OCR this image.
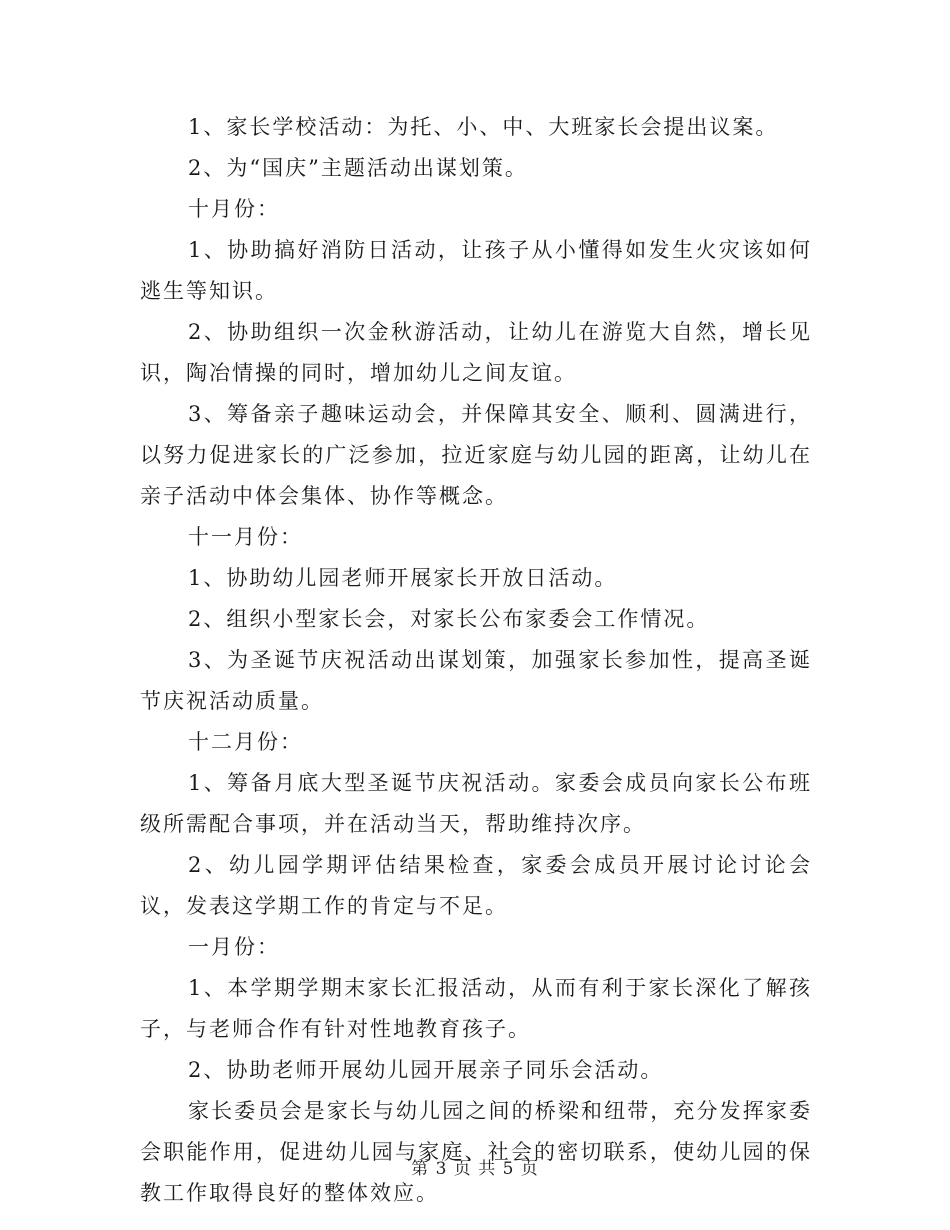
1、家长学校活动：为托、小、中、大班家长会提出议案。

2、为“国庆”主题活动出谋划策。

十月份：

1、协助搞好消防日活动，让孩子从小懂得如发生火灾该如何逃生等知识。

2、协助组织一次金秋游活动，让幼儿在游览大自然，增长见识，陶冶情操的同时，增加幼儿之间友谊。

3、筹备亲子趣味运动会，并保障其安全、顺利、圆满进行，以努力促进家长的广泛参加，拉近家庭与幼儿园的距离，让幼儿在亲子活动中体会集体、协作等概念。

十一月份：

1、协助幼儿园老师开展家长开放日活动。

2、组织小型家长会，对家长公布家委会工作情况。

3、为圣诞节庆祝活动出谋划策，加强家长参加性，提高圣诞节庆祝活动质量。

十二月份：

1、筹备月底大型圣诞节庆祝活动。家委会成员向家长公布班级所需配合事项，并在活动当天，帮助维持次序。

2、幼儿园学期评估结果检查，家委会成员开展讨论讨论会议，发表这学期工作的肯定与不足。

一月份：

1、本学期学期末家长汇报活动，从而有利于家长深化了解孩子，与老师合作有针对性地教育孩子。

2、协助老师开展幼儿园开展亲子同乐会活动。

家长委员会是家长与幼儿园之间的桥梁和纽带，充分发挥家委会职能作用，促进幼儿园与家庭、社会的密切联系，使幼儿园的保教工作取得良好的整体效应。

第 3 页 共 5 页
